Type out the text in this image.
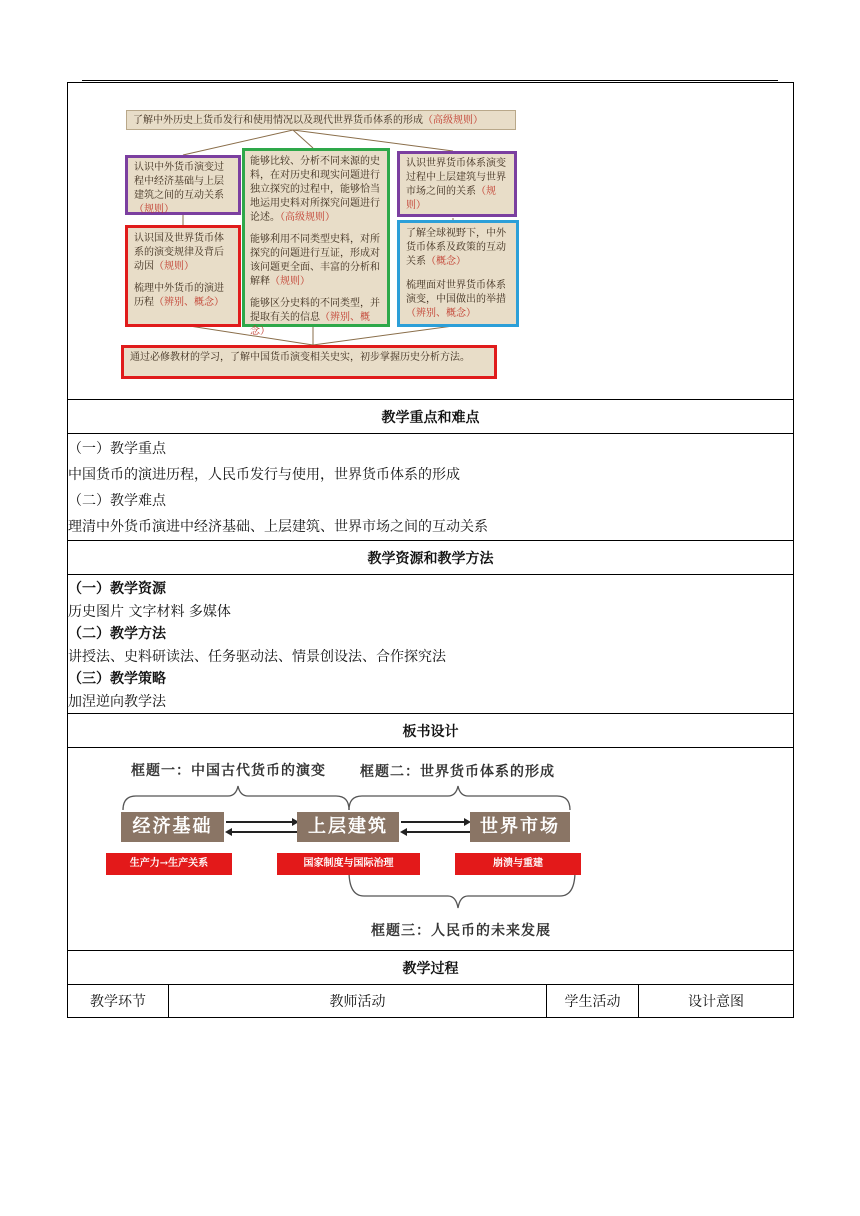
了解中外历史上货币发行和使用情况以及现代世界货币体系的形成（高级规则）
认识中外货币演变过程中经济基础与上层建筑之间的互动关系（规则）
认识国及世界货币体系的演变规律及背后动因（规则）
梳理中外货币的演进历程（辨别、概念）
能够比较、分析不同来源的史料，在对历史和现实问题进行独立探究的过程中，能够恰当地运用史料对所探究问题进行论述。（高级规则）
能够利用不同类型史料，对所探究的问题进行互证，形成对该问题更全面、丰富的分析和解释（规则）
能够区分史料的不同类型，并提取有关的信息（辨别、概念）
认识世界货币体系演变过程中上层建筑与世界市场之间的关系（规则）
了解全球视野下，中外货币体系及政策的互动关系（概念）
梳理面对世界货币体系演变，中国做出的举措（辨别、概念）
通过必修教材的学习，了解中国货币演变相关史实，初步掌握历史分析方法。

教学重点和难点

（一）教学重点
中国货币的演进历程，人民币发行与使用，世界货币体系的形成
（二）教学难点
理清中外货币演进中经济基础、上层建筑、世界市场之间的互动关系

教学资源和教学方法

（一）教学资源
历史图片 文字材料 多媒体
（二）教学方法
讲授法、史料研读法、任务驱动法、情景创设法、合作探究法
（三）教学策略
加涅逆向教学法

板书设计

框题一：中国古代货币的演变 框题二：世界货币体系的形成
框题三：人民币的未来发展
经济基础	上层建筑	世界市场
生产力→生产关系	国家制度与国际治理	崩溃与重建

教学过程
教学环节	教师活动	学生活动	设计意图
